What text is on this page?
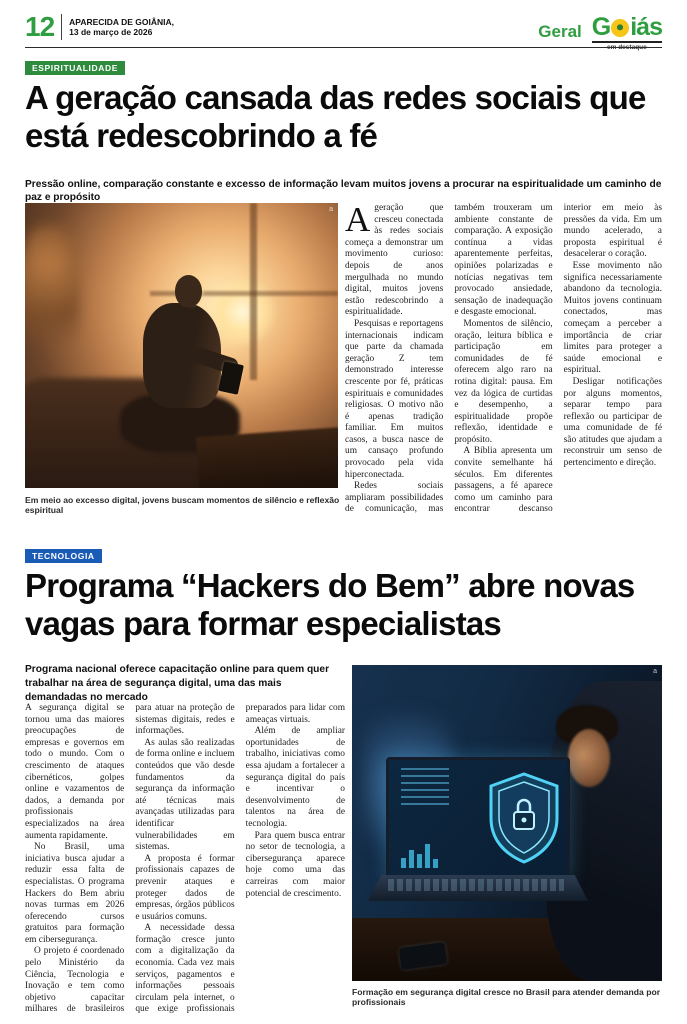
12 APARECIDA DE GOIÂNIA,
13 de março de 2026	Geral G iás
em destaque
ESPIRITUALIDADE
A geração cansada das redes sociais que está redescobrindo a fé
Pressão online, comparação constante e excesso de informação levam muitos jovens a procurar na espiritualidade um caminho de paz e propósito
a
Em meio ao excesso digital, jovens buscam momentos de silêncio e reflexão espiritual

Ageração que cresceu conectada às redes sociais começa a demonstrar um movimento curioso: depois de anos mergulhada no mundo digital, muitos jovens estão redescobrindo a espiritualidade.

Pesquisas e reportagens internacionais indicam que parte da chamada geração Z tem demonstrado interesse crescente por fé, práticas espirituais e comunidades religiosas. O motivo não é apenas tradição familiar. Em muitos casos, a busca nasce de um cansaço profundo provocado pela vida hiperconectada.

Redes sociais ampliaram possibilidades de comunicação, mas também trouxeram um ambiente constante de comparação. A exposição contínua a vidas aparentemente perfeitas, opiniões polarizadas e notícias negativas tem provocado ansiedade, sensação de inadequação e desgaste emocional.

Momentos de silêncio, oração, leitura bíblica e participação em comunidades de fé oferecem algo raro na rotina digital: pausa. Em vez da lógica de curtidas e desempenho, a espiritualidade propõe reflexão, identidade e propósito.

A Bíblia apresenta um convite semelhante há séculos. Em diferentes passagens, a fé aparece como um caminho para encontrar descanso interior em meio às pressões da vida. Em um mundo acelerado, a proposta espiritual é desacelerar o coração.

Esse movimento não significa necessariamente abandono da tecnologia. Muitos jovens continuam conectados, mas começam a perceber a importância de criar limites para proteger a saúde emocional e espiritual.

Desligar notificações por alguns momentos, separar tempo para reflexão ou participar de uma comunidade de fé são atitudes que ajudam a reconstruir um senso de pertencimento e direção.

TECNOLOGIA
Programa “Hackers do Bem” abre novas vagas para formar especialistas
Programa nacional oferece capacitação online para quem quer trabalhar na área de segurança digital, uma das mais demandadas no mercado
a
Formação em segurança digital cresce no Brasil para atender demanda por profissionais

A segurança digital se tornou uma das maiores preocupações de empresas e governos em todo o mundo. Com o crescimento de ataques cibernéticos, golpes online e vazamentos de dados, a demanda por profissionais especializados na área aumenta rapidamente.

No Brasil, uma iniciativa busca ajudar a reduzir essa falta de especialistas. O programa Hackers do Bem abriu novas turmas em 2026 oferecendo cursos gratuitos para formação em cibersegurança.

O projeto é coordenado pelo Ministério da Ciência, Tecnologia e Inovação e tem como objetivo capacitar milhares de brasileiros para atuar na proteção de sistemas digitais, redes e informações.

As aulas são realizadas de forma online e incluem conteúdos que vão desde fundamentos da segurança da informação até técnicas mais avançadas utilizadas para identificar vulnerabilidades em sistemas.

A proposta é formar profissionais capazes de prevenir ataques e proteger dados de empresas, órgãos públicos e usuários comuns.

A necessidade dessa formação cresce junto com a digitalização da economia. Cada vez mais serviços, pagamentos e informações pessoais circulam pela internet, o que exige profissionais preparados para lidar com ameaças virtuais.

Além de ampliar oportunidades de trabalho, iniciativas como essa ajudam a fortalecer a segurança digital do país e incentivar o desenvolvimento de talentos na área de tecnologia.

Para quem busca entrar no setor de tecnologia, a cibersegurança aparece hoje como uma das carreiras com maior potencial de crescimento.
